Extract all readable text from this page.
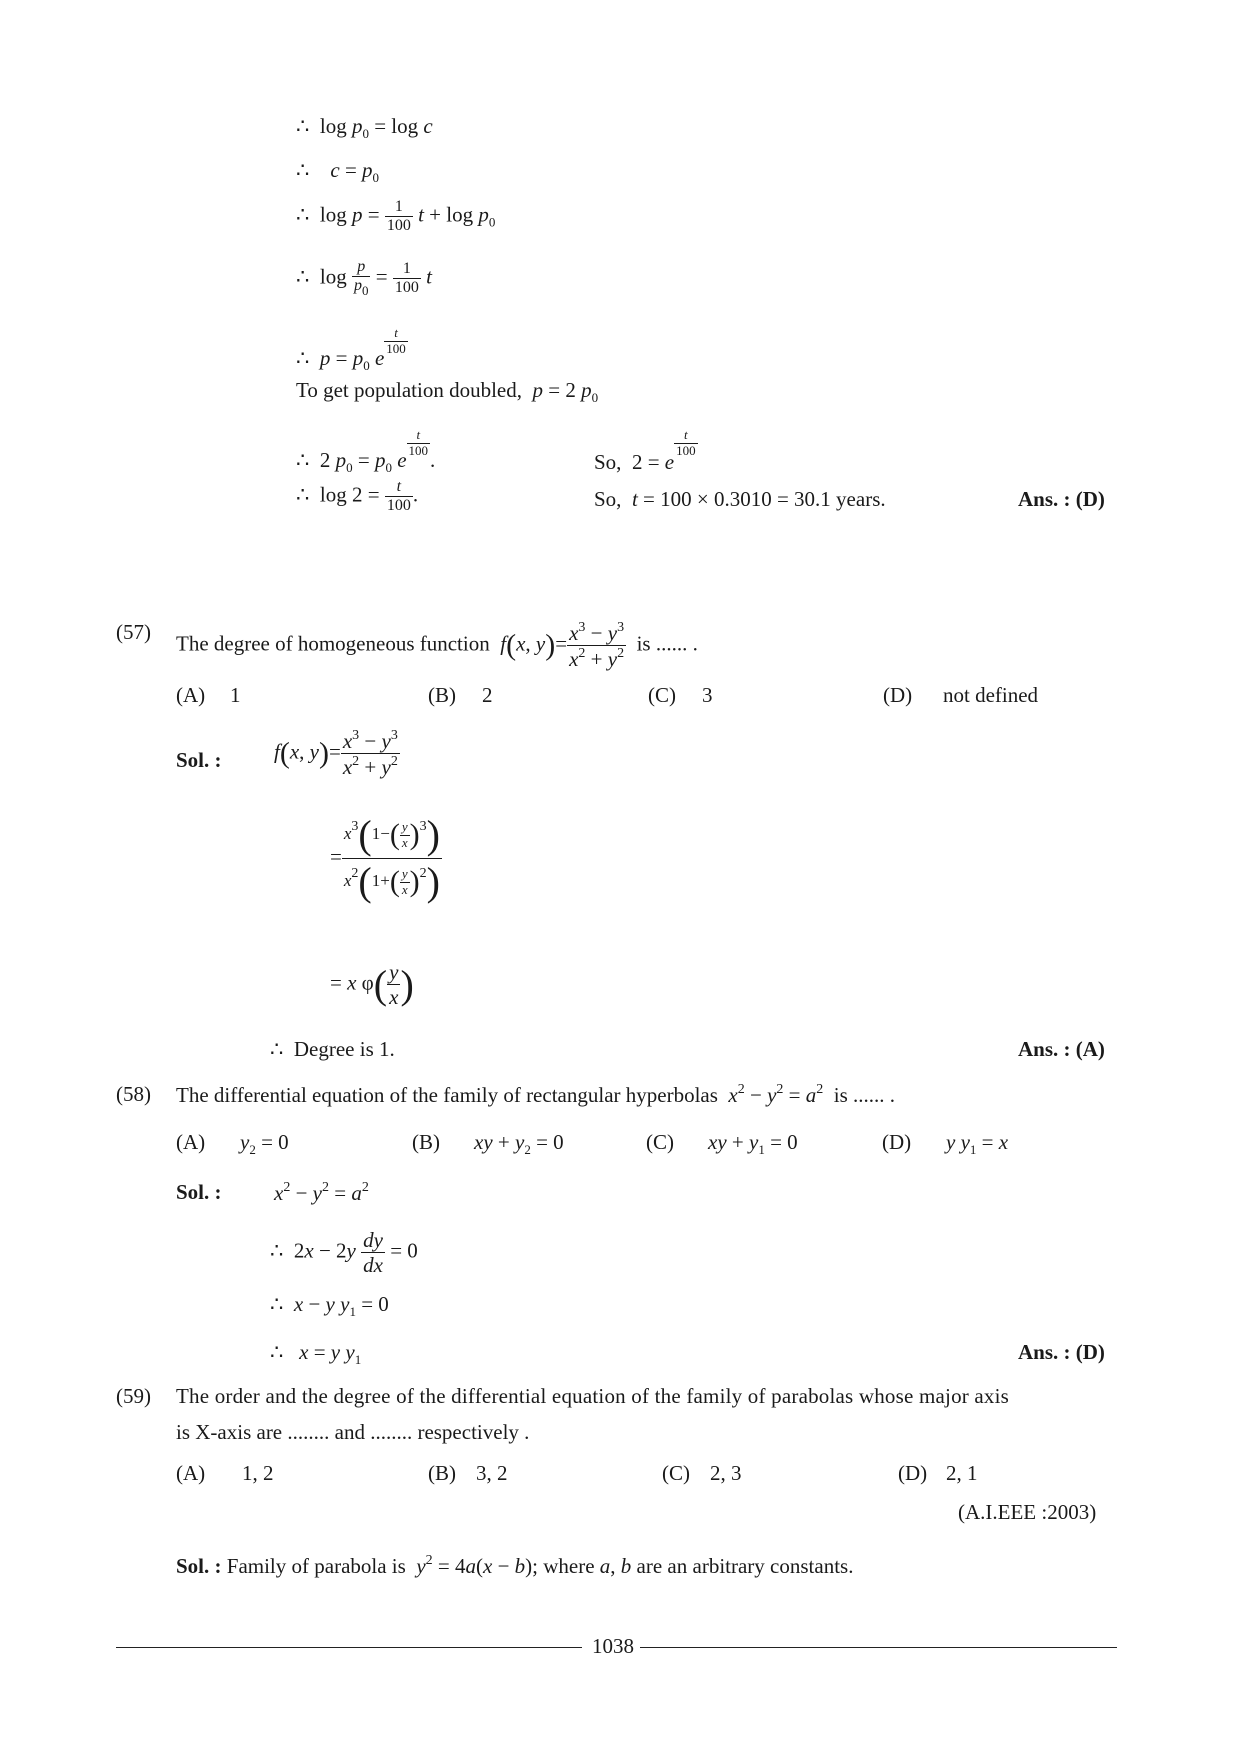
∴  $\log p_0 = \log c$
∴ $c = p_0$
∴  $\log p = \frac{1}{100}$ $t + \log p_0$
∴  $\log \frac{p}{p_0} = \frac{1}{100}$ t
∴ $p = p_0$ e
$\frac{t}{100}$
To get population doubled, p = 2 $p_0$
∴  2 $p_0 = p_0$ e
$\frac{t}{100}$
.	So,  2 = e
$\frac{t}{100}$
∴  $\log 2 = \frac{t}{100}$ .	So, t = 100 × 0.3010 = 30.1 years.	Ans. : (D)
(57) The degree of homogeneous function f(x, $y)= \frac{x^3 - y^3}{x^2 + y^2}$ is ...... .
(A) 1	(B) 2	(C) 3	(D) not defined
Sol. : f(x, $y)= \frac{x^3 - y^3}{x^2 + y^2}$
= $\frac{x^3(1-( \frac{y}{x} )^3)}{x^2(1+( \frac{y}{x} )^2)}$
= x $\varphi( \frac{y}{x}$ )
∴ Degree is 1.	Ans. : (A)
(58) The differential equation of the family of rectangular hyperbolas $x^2 - y^2 = a^2$ is ...... .
(A) $y_2 = 0$	(B) xy + $y_2 = 0$	(C) xy + $y_1 = 0$	(D) y $y_1 = x$
Sol. : $x^2 - y^2 = a^2$
∴  $2x - 2y \frac{dy}{dx} = 0$
∴ x − y $y_1 = 0$
∴ x = y $y_1$	Ans. : (D)
(59) The order and the degree of the differential equation of the family of parabolas whose major axis
is X-axis are ........ and ........ respectively .
(A) 1, 2	(B) 3, 2	(C) 2, 3	(D) 2, 1
(A.I.EEE :2003)
Sol. : Family of parabola is $y^2 = 4a(x - b)$; where a, b are an arbitrary constants.
1038
